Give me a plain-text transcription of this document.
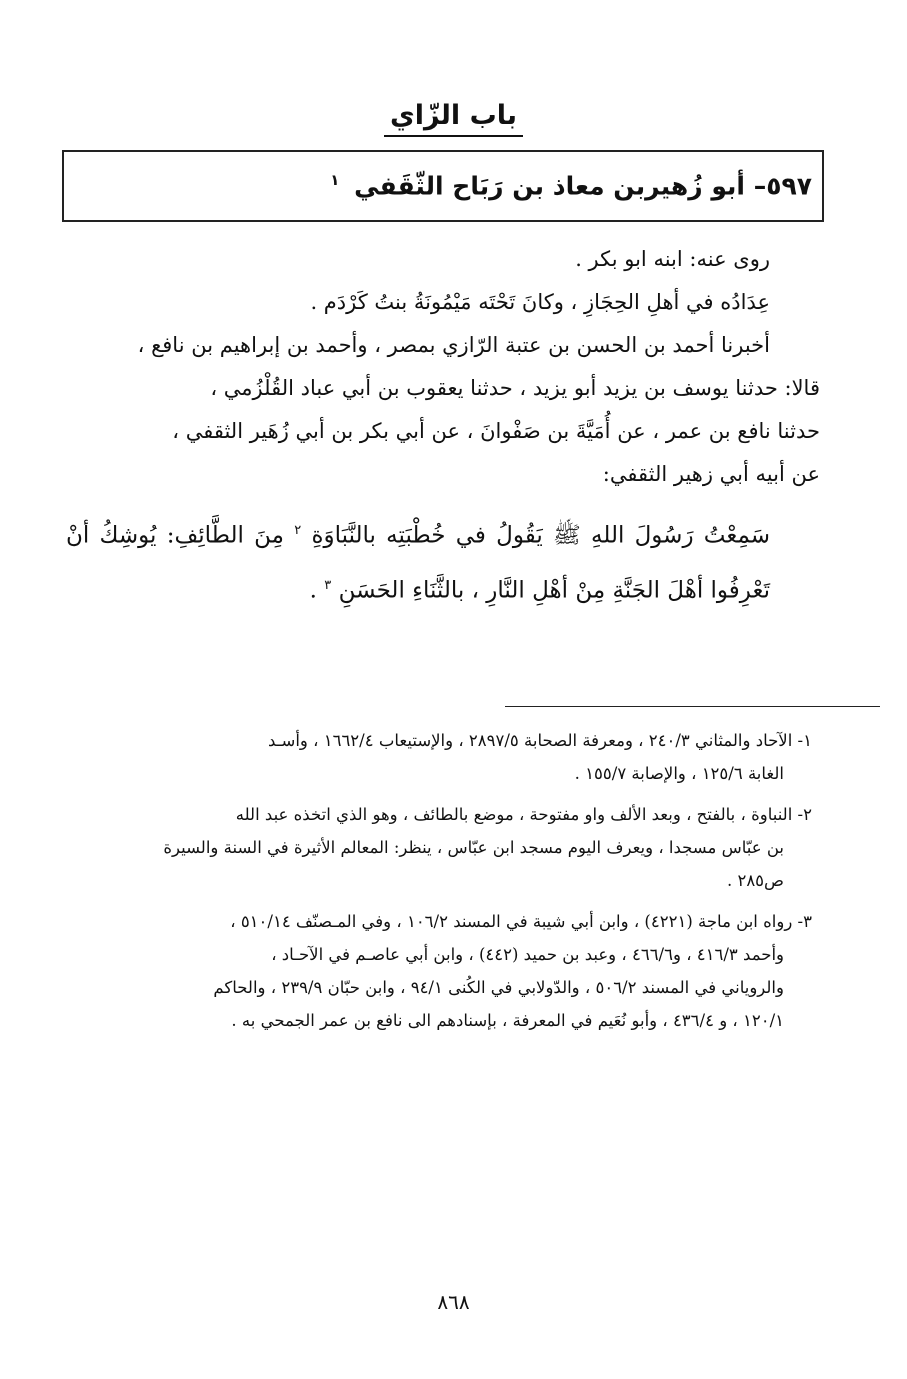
باب الزّاي
٥٩٧– أبو زُهيربن معاذ بن رَبَاح الثّقَفي $^١$

روى عنه: ابنه ابو بكر .

عِدَادُه في أهلِ الحِجَازِ ، وكانَ تَحْتَه مَيْمُونَةُ بنتُ كَرْدَم .

أخبرنا أحمد بن الحسن بن عتبة الرّازي بمصر ، وأحمد بن إبراهيم بن نافع ،

قالا: حدثنا يوسف بن يزيد أبو يزيد ، حدثنا يعقوب بن أبي عباد القُلْزُمي ،

حدثنا نافع بن عمر ، عن أُمَيَّةَ بن صَفْوانَ ، عن أبي بكر بن أبي زُهَير الثقفي ،

عن أبيه أبي زهير الثقفي:

سَمِعْتُ رَسُولَ اللهِ ﷺ يَقُولُ في خُطْبَتِه بالنَّبَاوَةِ $^٢$ مِنَ الطَّائِفِ: يُوشِكُ أنْ تَعْرِفُوا أهْلَ الجَنَّةِ مِنْ أهْلِ النَّارِ ، بالثَّنَاءِ الحَسَنِ $^٣$ .

١- الآحاد والمثاني ٢٤٠/٣ ، ومعرفة الصحابة ٢٨٩٧/٥ ، والإستيعاب ١٦٦٢/٤ ، وأسـد
الغابة ١٢٥/٦ ، والإصابة ١٥٥/٧ .

٢- النباوة ، بالفتح ، وبعد الألف واو مفتوحة ، موضع بالطائف ، وهو الذي اتخذه عبد الله
بن عبّاس مسجدا ، ويعرف اليوم مسجد ابن عبّاس ، ينظر: المعالم الأثيرة في السنة والسيرة
ص٢٨٥ .

٣- رواه ابن ماجة (٤٢٢١) ، وابن أبي شيبة في المسند ١٠٦/٢ ، وفي المـصنّف ٥١٠/١٤ ،
وأحمد ٤١٦/٣ ، و٤٦٦/٦ ، وعبد بن حميد (٤٤٢) ، وابن أبي عاصـم في الآحـاد ،
والروياني في المسند ٥٠٦/٢ ، والدّولابي في الكُنى ٩٤/١ ، وابن حبّان ٢٣٩/٩ ، والحاكم
١٢٠/١ ، و ٤٣٦/٤ ، وأبو نُعَيم في المعرفة ، بإسنادهم الى نافع بن عمر الجمحي به .

٨٦٨
